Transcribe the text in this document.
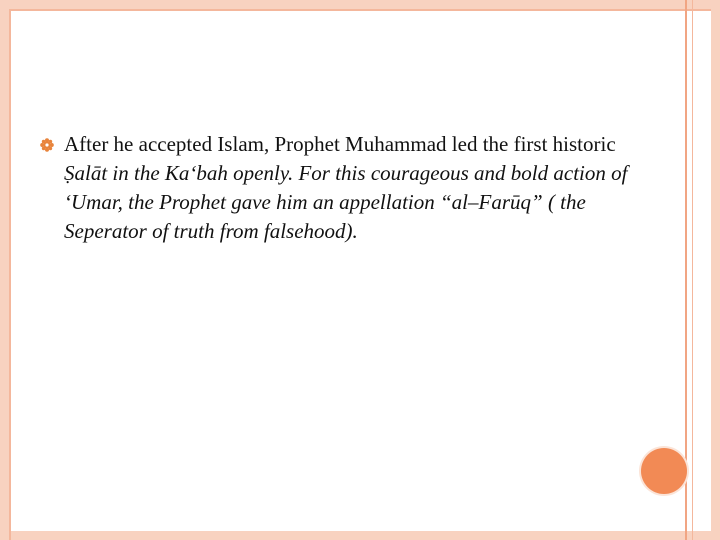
After he accepted Islam, Prophet Muhammad led the first historic Ṣalāt in the Ka‘bah openly. For this courageous and bold action of ‘Umar, the Prophet gave him an appellation “al–Farūq” ( the Seperator of truth from falsehood).
